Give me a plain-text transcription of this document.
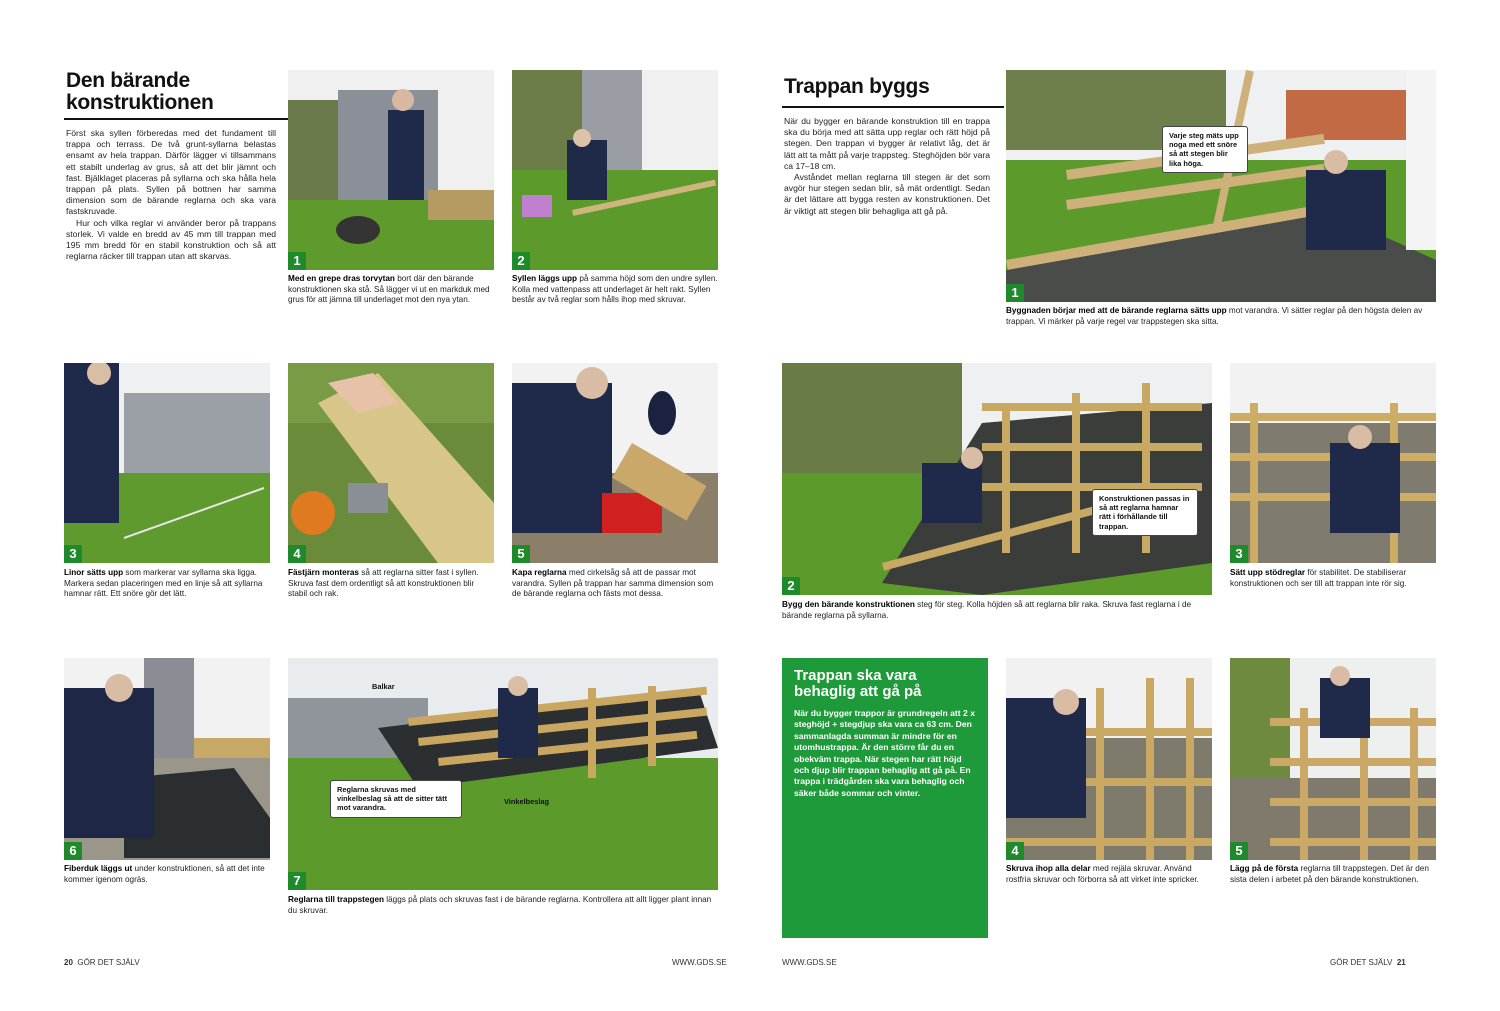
Den bärande konstruktionen
Först ska syllen förberedas med det fundament till trappa och terrass. De två grunt-syllarna belastas ensamt av hela trappan. Därför lägger vi tillsammans ett stabilt underlag av grus, så att det blir jämnt och fast. Bjälklaget placeras på syllarna och ska hålla hela trappan på plats. Syllen på bottnen har samma dimension som de bärande reglarna och ska vara fastskruvade.
Hur och vilka reglar vi använder beror på trappans storlek. Vi valde en bredd av 45 mm till trappan med 195 mm bredd för en stabil konstruktion och så att reglarna räcker till trappan utan att skarvas.	1
Med en grepe dras torvytan bort där den bärande konstruktionen ska stå. Så lägger vi ut en markduk med grus för att jämna till underlaget mot den nya ytan.
2
Syllen läggs upp på samma höjd som den undre syllen. Kolla med vattenpass att underlaget är helt rakt. Syllen består av två reglar som hålls ihop med skruvar.
3
Linor sätts upp som markerar var syllarna ska ligga. Markera sedan placeringen med en linje så att syllarna hamnar rätt. Ett snöre gör det lätt.
4
Fästjärn monteras så att reglarna sitter fast i syllen. Skruva fast dem ordentligt så att konstruktionen blir stabil och rak.
5
Kapa reglarna med cirkelsåg så att de passar mot varandra. Syllen på trappan har samma dimension som de bärande reglarna och fästs mot dessa.
6
Fiberduk läggs ut under konstruktionen, så att det inte kommer igenom ogräs.	7
Balkar
Vinkelbeslag
Reglarna skruvas med vinkelbeslag så att de sitter tätt mot varandra.
Reglarna till trappstegen läggs på plats och skruvas fast i de bärande reglarna. Kontrollera att allt ligger plant innan du skruvar.
20 GÖR DET SJÄLV	WWW.GDS.SE
Trappan byggs
När du bygger en bärande konstruktion till en trappa ska du börja med att sätta upp reglar och rätt höjd på stegen. Den trappan vi bygger är relativt låg, det är lätt att ta mått på varje trappsteg. Steghöjden bör vara ca 17–18 cm.
Avståndet mellan reglarna till stegen är det som avgör hur stegen sedan blir, så mät ordentligt. Sedan är det lättare att bygga resten av konstruktionen. Det är viktigt att stegen blir behagliga att gå på.
1
Varje steg mäts upp noga med ett snöre så att stegen blir lika höga.
Byggnaden börjar med att de bärande reglarna sätts upp mot varandra. Vi sätter reglar på den högsta delen av trappan. Vi märker på varje regel var trappstegen ska sitta.
2
Konstruktionen passas in så att reglarna hamnar rätt i förhållande till trappan.
Bygg den bärande konstruktionen steg för steg. Kolla höjden så att reglarna blir raka. Skruva fast reglarna i de bärande reglarna på syllarna.
3
Sätt upp stödreglar för stabilitet. De stabiliserar konstruktionen och ser till att trappan inte rör sig.
Trappan ska vara behaglig att gå på
När du bygger trappor är grundregeln att 2 x steghöjd + stegdjup ska vara ca 63 cm. Den sammanlagda summan är mindre för en utomhustrappa. Är den större får du en obekväm trappa. När stegen har rätt höjd och djup blir trappan behaglig att gå på. En trappa i trädgården ska vara behaglig och säker både sommar och vinter.
4
Skruva ihop alla delar med rejäla skruvar. Använd rostfria skruvar och förborra så att virket inte spricker.
5
Lägg på de första reglarna till trappstegen. Det är den sista delen i arbetet på den bärande konstruktionen.
WWW.GDS.SE	GÖR DET SJÄLV 21
